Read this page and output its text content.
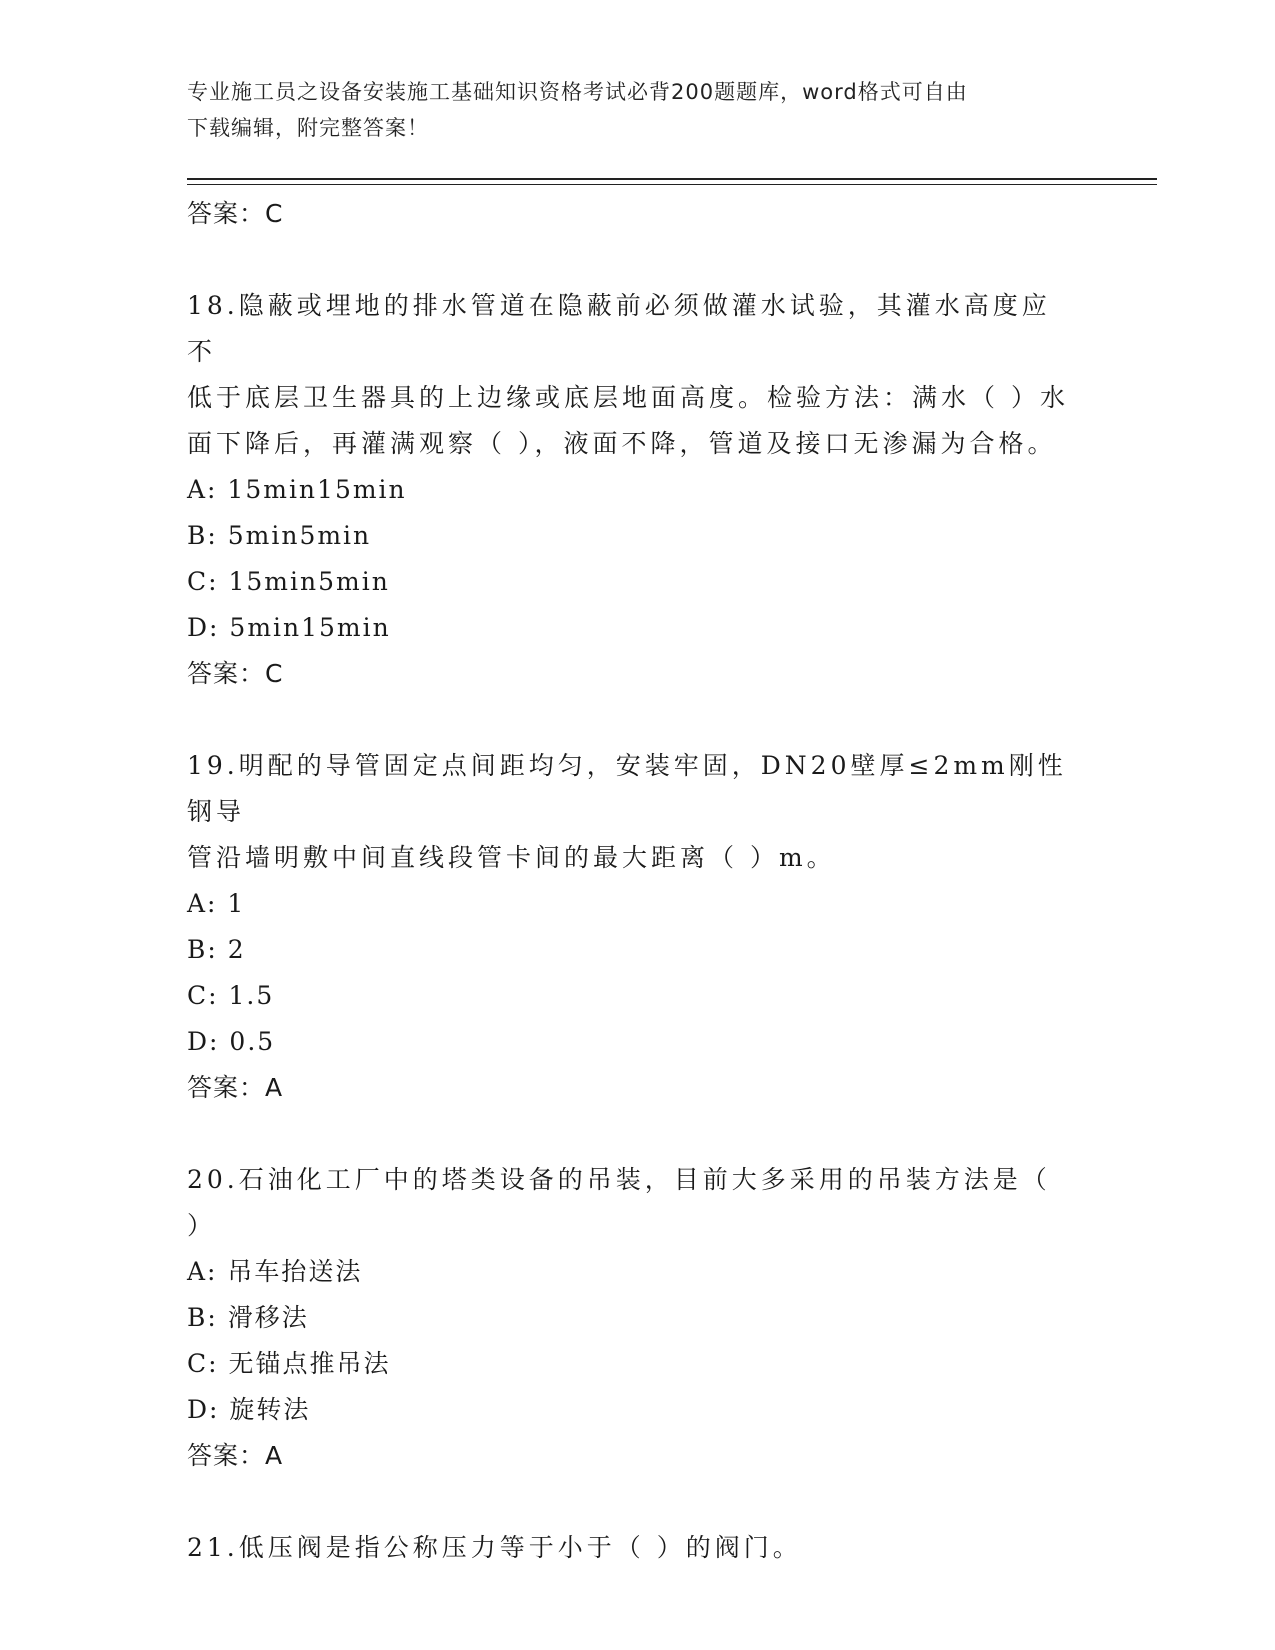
专业施工员之设备安装施工基础知识资格考试必背200题题库，word格式可自由
下载编辑，附完整答案！

答案：C

18.隐蔽或埋地的排水管道在隐蔽前必须做灌水试验，其灌水高度应不

低于底层卫生器具的上边缘或底层地面高度。检验方法：满水（ ）水

面下降后，再灌满观察（ ），液面不降，管道及接口无渗漏为合格。

A: 15min15min

B: 5min5min

C: 15min5min

D: 5min15min

答案：C

19.明配的导管固定点间距均匀，安装牢固，DN20壁厚≤2mm刚性钢导

管沿墙明敷中间直线段管卡间的最大距离（ ）m。

A: 1

B: 2

C: 1.5

D: 0.5

答案：A

20.石油化工厂中的塔类设备的吊装，目前大多采用的吊装方法是（

）

A: 吊车抬送法

B: 滑移法

C: 无锚点推吊法

D: 旋转法

答案：A

21.低压阀是指公称压力等于小于（ ）的阀门。
